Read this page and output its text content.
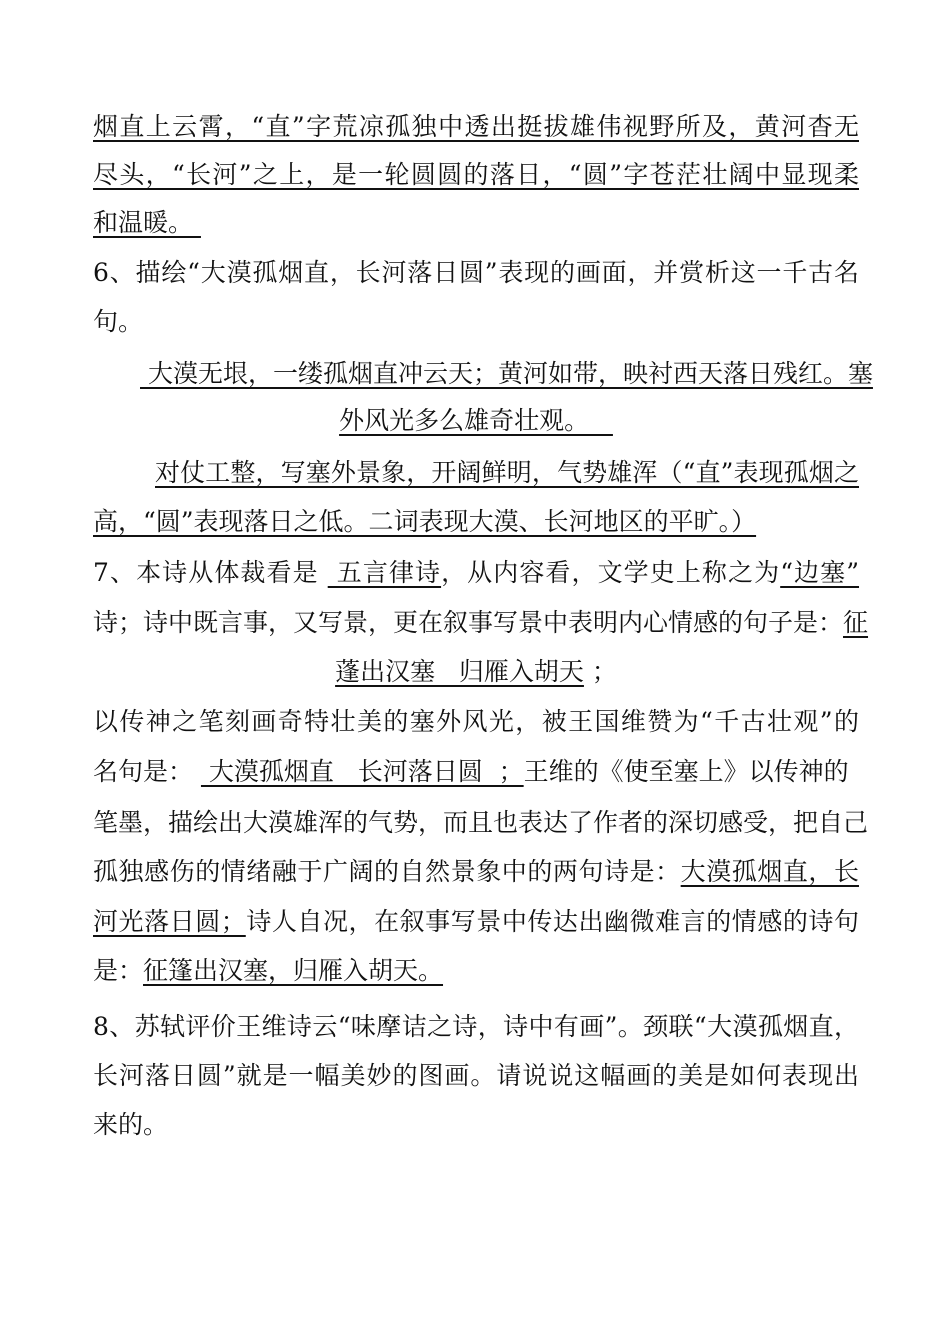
烟直上云霄，“直”字荒凉孤独中透出挺拔雄伟视野所及，黄河杳无
尽头，“长河”之上，是一轮圆圆的落日，“圆”字苍茫壮阔中显现柔
和温暖。
6、描绘“大漠孤烟直，长河落日圆”表现的画面，并赏析这一千古名
句。
大漠无垠，一缕孤烟直冲云天；黄河如带，映衬西天落日残红。塞
外风光多么雄奇壮观。
对仗工整，写塞外景象，开阔鲜明，气势雄浑（“直”表现孤烟之
高，“圆”表现落日之低。二词表现大漠、长河地区的平旷。）
7、本诗从体裁看是  五言律诗，从内容看，文学史上称之为“边塞”
诗；诗中既言事，又写景，更在叙事写景中表明内心情感的句子是：征
蓬出汉塞   归雁入胡天 ；
以传神之笔刻画奇特壮美的塞外风光，被王国维赞为“千古壮观”的
名句是：  大漠孤烟直   长河落日圆  ；王维的《使至塞上》以传神的
笔墨，描绘出大漠雄浑的气势，而且也表达了作者的深切感受，把自己
孤独感伤的情绪融于广阔的自然景象中的两句诗是：大漠孤烟直，长
河光落日圆；诗人自况，在叙事写景中传达出幽微难言的情感的诗句
是：征篷出汉塞，归雁入胡天。
8、苏轼评价王维诗云“味摩诘之诗，诗中有画”。颈联“大漠孤烟直，
长河落日圆”就是一幅美妙的图画。请说说这幅画的美是如何表现出
来的。
